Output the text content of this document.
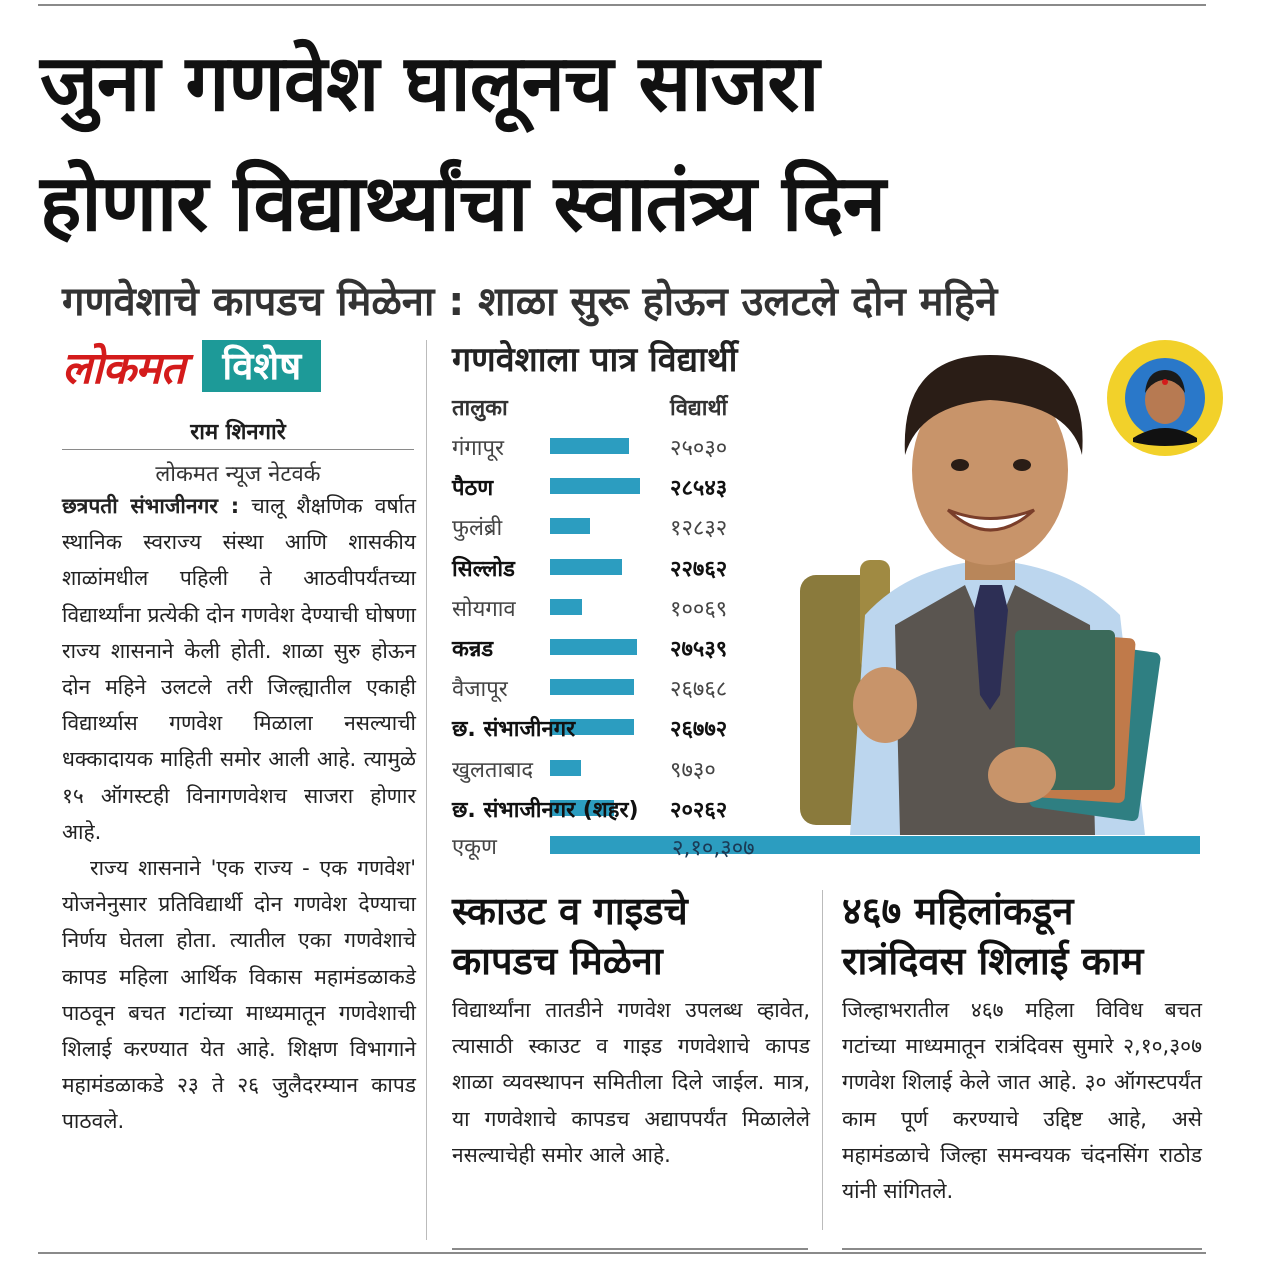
जुना गणवेश घालूनच साजरा
होणार विद्यार्थ्यांचा स्वातंत्र्य दिन
गणवेशाचे कापडच मिळेना : शाळा सुरू होऊन उलटले दोन महिने
लोकमत	विशेष
राम शिनगारे
लोकमत न्यूज नेटवर्क

छत्रपती संभाजीनगर : चालू शैक्षणिक वर्षात स्थानिक स्वराज्य संस्था आणि शासकीय शाळांमधील पहिली ते आठवीपर्यंतच्या विद्यार्थ्यांना प्रत्येकी दोन गणवेश देण्याची घोषणा राज्य शासनाने केली होती. शाळा सुरु होऊन दोन महिने उलटले तरी जिल्ह्यातील एकाही विद्यार्थ्यास गणवेश मिळाला नसल्याची धक्कादायक माहिती समोर आली आहे. त्यामुळे १५ ऑगस्टही विनागणवेशच साजरा होणार आहे.

राज्य शासनाने 'एक राज्य - एक गणवेश' योजनेनुसार प्रतिविद्यार्थी दोन गणवेश देण्याचा निर्णय घेतला होता. त्यातील एका गणवेशाचे कापड महिला आर्थिक विकास महामंडळाकडे पाठवून बचत गटांच्या माध्यमातून गणवेशाची शिलाई करण्यात येत आहे. शिक्षण विभागाने महामंडळाकडे २३ ते २६ जुलैदरम्यान कापड पाठवले.

गणवेशाला पात्र विद्यार्थी
तालुका	विद्यार्थी
गंगापूर	२५०३०
पैठण	२८५४३
फुलंब्री	१२८३२
सिल्लोड	२२७६२
सोयगाव	१००६९
कन्नड	२७५३९
वैजापूर	२६७६८
छ. संभाजीनगर	२६७७२
खुलताबाद	९७३०
छ. संभाजीनगर (शहर) २०२६२
एकूण	२,१०,३०७
स्काउट व गाइडचे
कापडच मिळेना
विद्यार्थ्यांना तातडीने गणवेश उपलब्ध व्हावेत, त्यासाठी स्काउट व गाइड गणवेशाचे कापड शाळा व्यवस्थापन समितीला दिले जाईल. मात्र, या गणवेशाचे कापडच अद्यापपर्यंत मिळालेले नसल्याचेही समोर आले आहे.
४६७ महिलांकडून
रात्रंदिवस शिलाई काम
जिल्हाभरातील ४६७ महिला विविध बचत गटांच्या माध्यमातून रात्रंदिवस सुमारे २,१०,३०७ गणवेश शिलाई केले जात आहे. ३० ऑगस्टपर्यंत काम पूर्ण करण्याचे उद्दिष्ट आहे, असे महामंडळाचे जिल्हा समन्वयक चंदनसिंग राठोड यांनी सांगितले.
